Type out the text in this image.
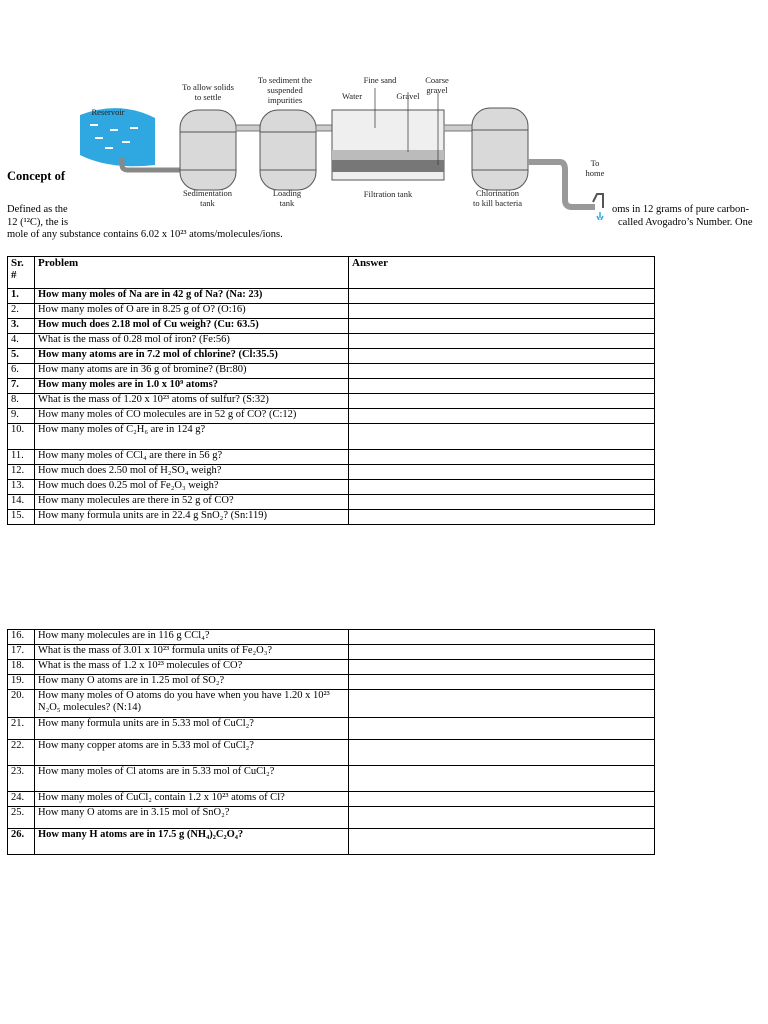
Reservoir
To allow solids
to settle
To sediment the
suspended
impurities
Fine sand	Coarse
gravel
Water	Gravel
Sedimentation
tank
Loading
tank
Filtration tank	Chlorination
to kill bacteria
To
home
Concept of
Defined as the	oms in 12 grams of pure carbon-
12 (¹²C), the is	called Avogadro’s Number. One
mole of any substance contains 6.02 x 10²³ atoms/molecules/ions.
Sr. #	Problem	Answer
1.	How many moles of Na are in 42 g of Na? (Na: 23)	
2.	How many moles of O are in 8.25 g of O? (O:16)	
3.	How much does 2.18 mol of Cu weigh? (Cu: 63.5)	
4.	What is the mass of 0.28 mol of iron? (Fe:56)	
5.	How many atoms are in 7.2 mol of chlorine? (Cl:35.5)	
6.	How many atoms are in 36 g of bromine? (Br:80)	
7.	How many moles are in 1.0 x 10⁹ atoms?	
8.	What is the mass of 1.20 x 10²³ atoms of sulfur? (S:32)	
9.	How many moles of CO molecules are in 52 g of CO? (C:12)	
10.	How many moles of C₂H₆ are in 124 g?	
11.	How many moles of CCl₄ are there in 56 g?	
12.	How much does 2.50 mol of H₂SO₄ weigh?	
13.	How much does 0.25 mol of Fe₂O₃ weigh?	
14.	How many molecules are there in 52 g of CO?	
15.	How many formula units are in 22.4 g SnO₂? (Sn:119)	
16.	How many molecules are in 116 g CCl₄?	
17.	What is the mass of 3.01 x 10²³ formula units of Fe₂O₃?	
18.	What is the mass of 1.2 x 10²³ molecules of CO?	
19.	How many O atoms are in 1.25 mol of SO₂?	
20.	How many moles of O atoms do you have when you have 1.20 x 10²³ N₂O₅ molecules? (N:14)	
21.	How many formula units are in 5.33 mol of CuCl₂?	
22.	How many copper atoms are in 5.33 mol of CuCl₂?	
23.	How many moles of Cl atoms are in 5.33 mol of CuCl₂?	
24.	How many moles of CuCl₂ contain 1.2 x 10²³ atoms of Cl?	
25.	How many O atoms are in 3.15 mol of SnO₂?	
26.	How many H atoms are in 17.5 g (NH₄)₂C₂O₄?	
